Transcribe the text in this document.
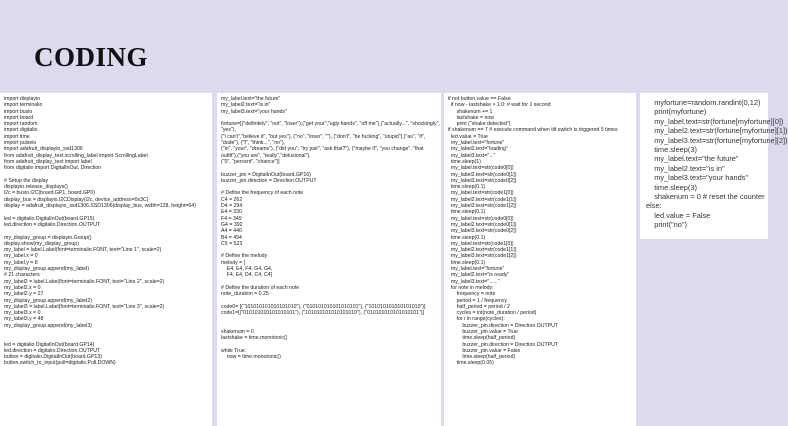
CODING
import displayio
import terminalio
import busio
import board
import random
import digitalio
import time
import pulseio
import adafruit_displayio_ssd1306
from adafruit_display_text.scrolling_label import ScrollingLabel
from adafruit_display_text import label
from digitalio import DigitalInOut, Direction
# Setup the display
displayio.release_displays()
i2c = busio.I2C(board.GP1, board.GP0)
display_bus = displayio.I2CDisplay(i2c, device_address=0x3C)
display = adafruit_displayio_ssd1306.SSD1306(display_bus, width=128, height=64)
led = digitalio.DigitalInOut(board.GP15)
led.direction = digitalio.Direction.OUTPUT
my_display_group = displayio.Group()
display.show(my_display_group)
my_label = label.Label(font=terminalio.FONT, text="Line 1", scale=2)
my_label.x = 0
my_label.y = 8
my_display_group.append(my_label)
# 21 characters
my_label2 = label.Label(font=terminalio.FONT, text="Line 2", scale=2)
my_label2.x = 0
my_label2.y = 27
my_display_group.append(my_label2)
my_label3 = label.Label(font=terminalio.FONT, text="Line 3", scale=2)
my_label3.x = 0
my_label3.y = 48
my_display_group.append(my_label3)
led = digitalio.DigitalInOut(board.GP14)
led.direction = digitalio.Direction.OUTPUT
button = digitalio.DigitalInOut(board.GP13)
button.switch_to_input(pull=digitalio.Pull.DOWN)
my_label.text="the future"
my_label2.text="is in"
my_label3.text="your hands"
fortune=[("definitely", "not", "loser"),("get your","ugly hands", "off me"),("actually...", "shockingly",
"yes"),
("i can't","believe it", "but yes"), ("no", "loser", ""), ("don't", "be fucking", "stupid"),("as", "if",
"dude"), ("f", "think...", "no"),
("in", "your", "dreams"), ("did you", "try just", "ask that?"), ("maybe if", "you change", "that
outfit"),("you are", "really","delusional"),
("0", "percent", "chance")]
buzzer_pin = DigitalInOut(board.GP16)
buzzer_pin.direction = Direction.OUTPUT
# Define the frequency of each note
C4 = 262
D4 = 294
E4 = 330
F4 = 349
G4 = 392
A4 = 440
B4 = 494
C5 = 523
# Define the melody
melody = [
E4, E4, F4, G4, G4,
F4, E4, D4, C4, C4]
# Define the duration of each note
note_duration = 0.25
code0= [("101010101010101010"), ("010101010101010101"), ("101010101010101010")]
code1=[("010101010101010101"), ("101010101010101010"), ("010101010101010101")]
shakenum = 0
lastshake = time.monotonic()
while True:
now = time.monotonic()
if not button.value == False
if now - lastshake > 1.0: # wait for 1 second
shakenum += 1
lastshake = now
print ("shake detected")
if shakenum == 7 # execute command when tilt switch is triggered 5 times
led.value = True
my_label.text="fortune"
my_label2.text="loading"
my_label3.text="..."
time.sleep(1)
my_label.text=str(code0[0])
my_label2.text=str(code0[1])
my_label3.text=str(code0[2])
time.sleep(0.1)
my_label.text=str(code1[0])
my_label2.text=str(code1[1])
my_label3.text=str(code1[2])
time.sleep(0.1)
my_label.text=str(code0[0])
my_label2.text=str(code0[1])
my_label3.text=str(code0[2])
time.sleep(0.1)
my_label.text=str(code1[0])
my_label2.text=str(code1[1])
my_label3.text=str(code1[2])
time.sleep(0.1)
my_label.text="fortune"
my_label2.text="is ready"
my_label3.text="......"
for note in melody:
frequency = note
period = 1 / frequency
half_period = period / 2
cycles = int(note_duration / period)
for i in range(cycles):
buzzer_pin.direction = Direction.OUTPUT
buzzer_pin.value = True
time.sleep(half_period)
buzzer_pin.direction = Direction.OUTPUT
buzzer_pin.value = False
time.sleep(half_period)
time.sleep(0.05)
myfortune=random.randint(0,12)
print(myfortune)
my_label.text=str(fortune[myfortune][0])
my_label2.text=str(fortune[myfortune][1])
my_label3.text=str(fortune[myfortune][2])
time.sleep(3)
my_label.text="the future"
my_label2.text="is in"
my_label3.text="your hands"
time.sleep(3)
shakenum = 0 # reset the counter
else:
led.value = False
print("no")
